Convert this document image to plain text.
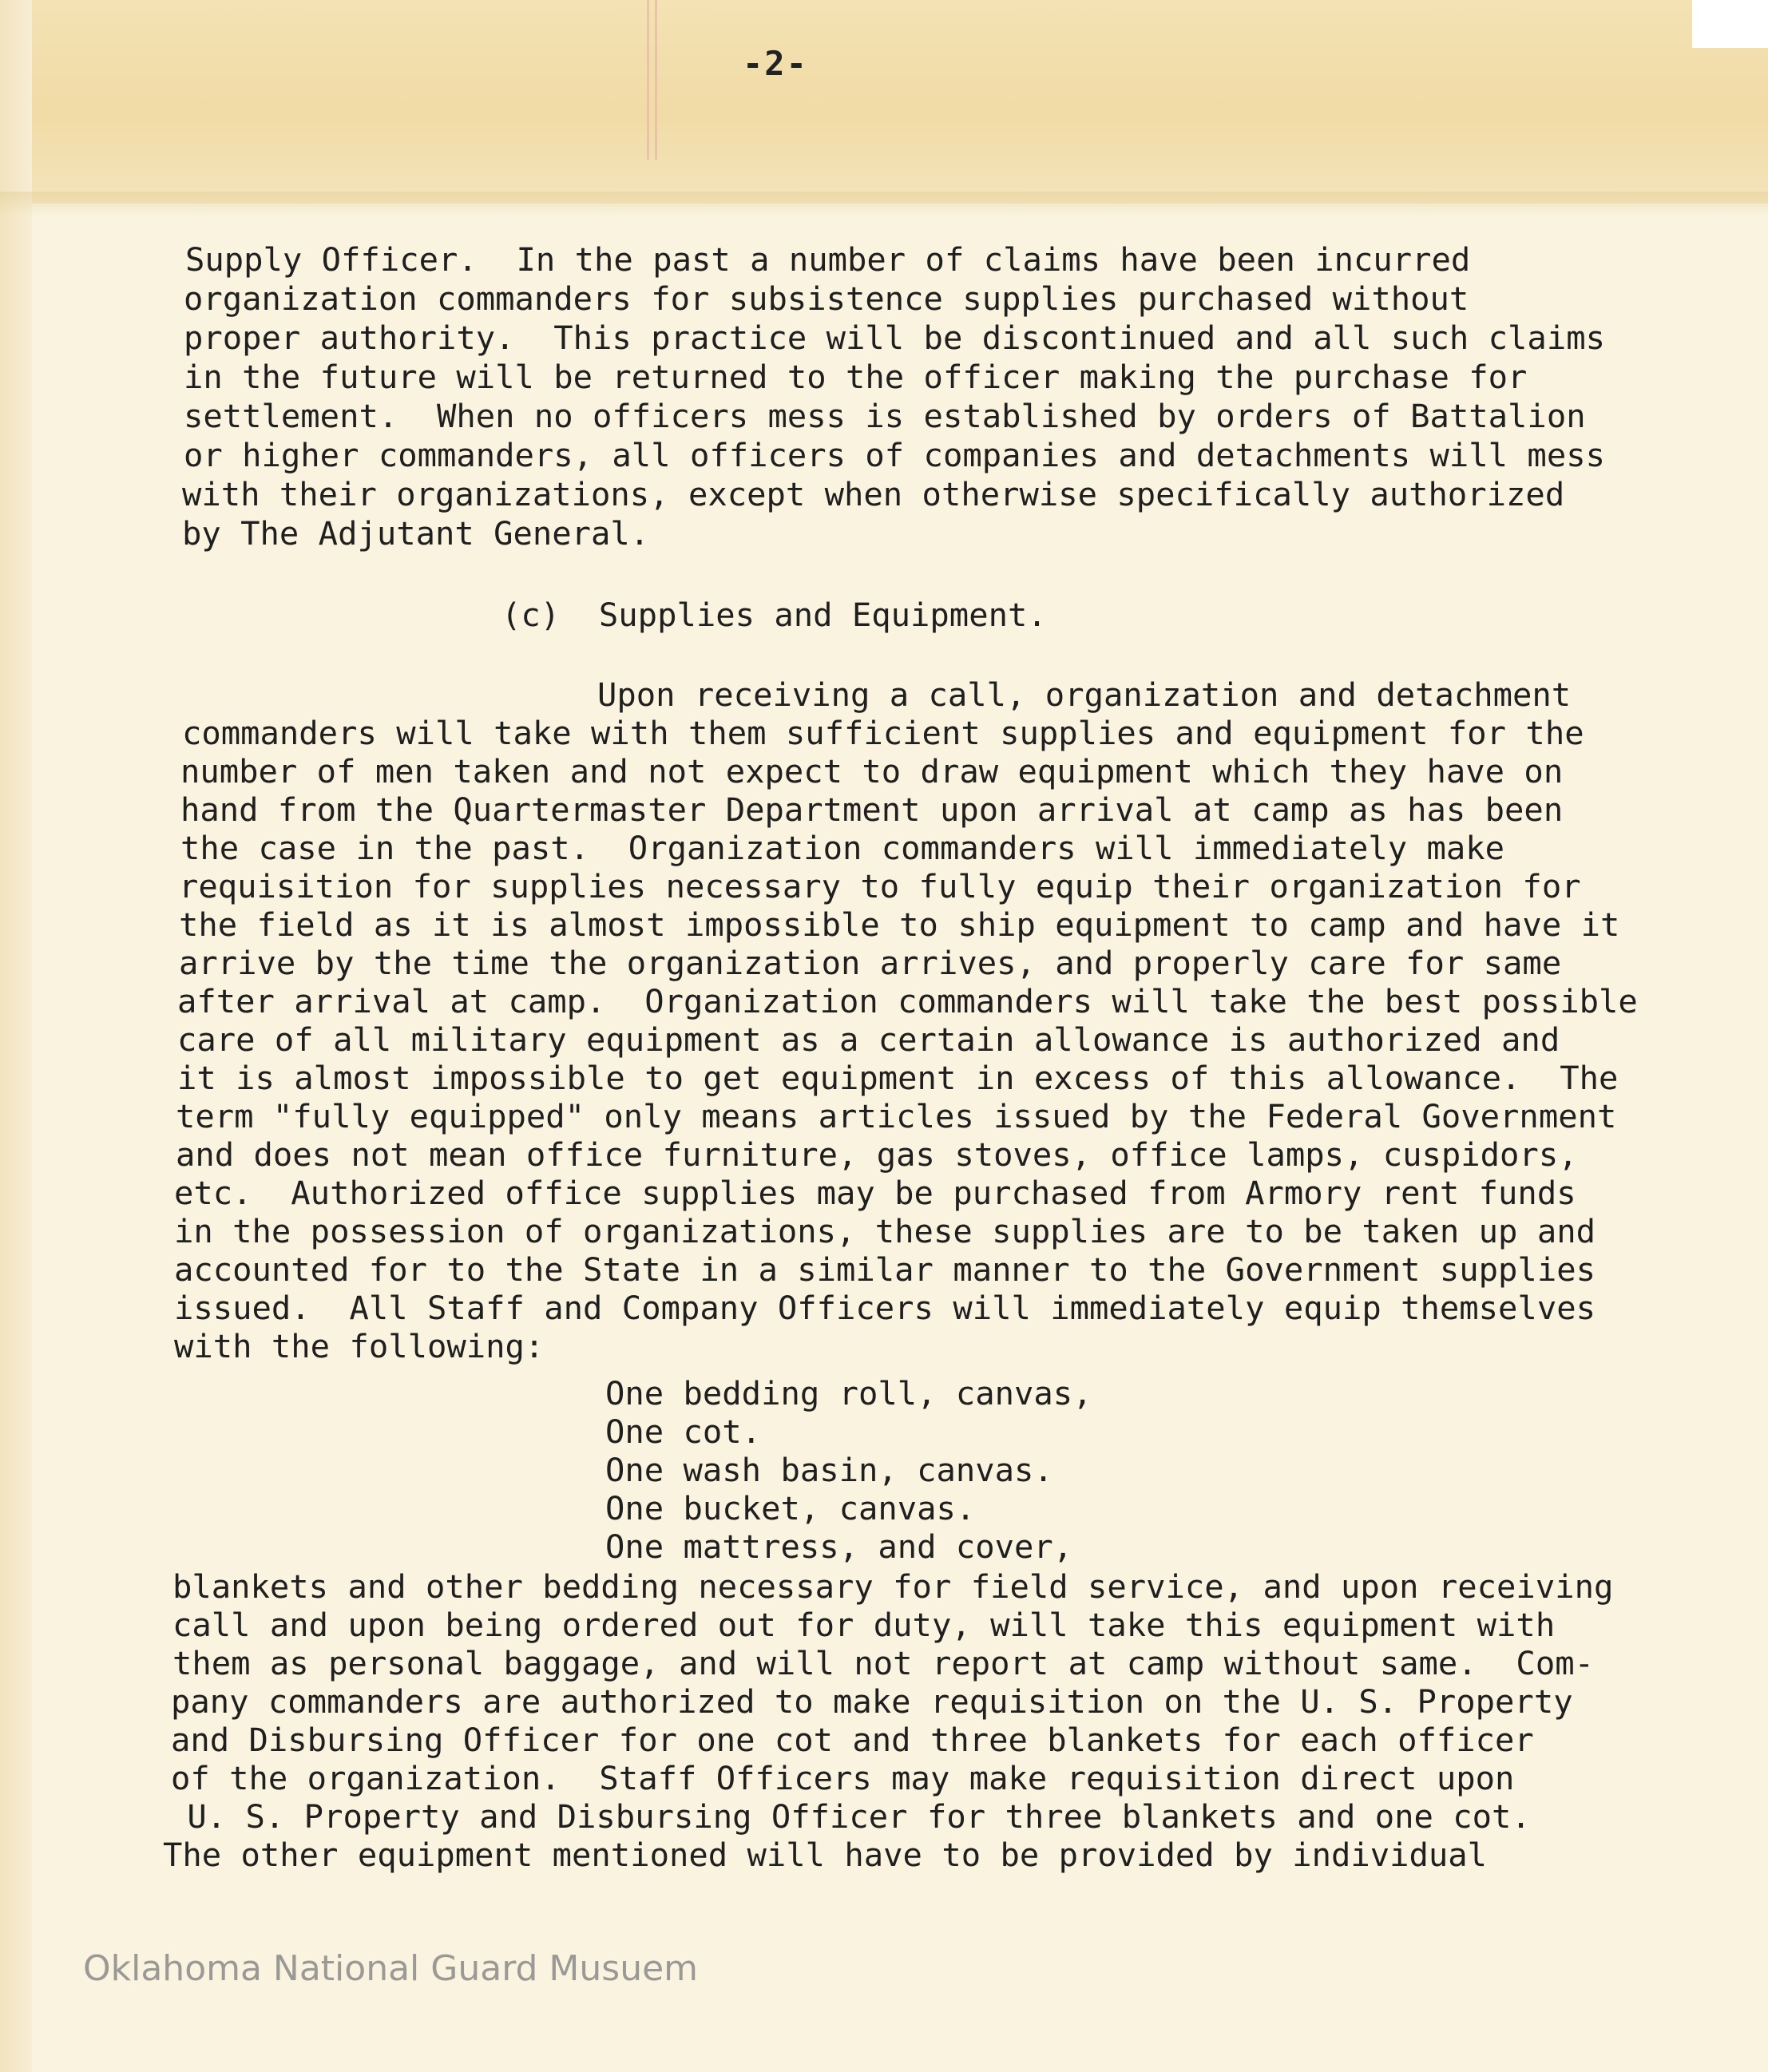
-2-
Supply Officer.  In the past a number of claims have been incurred
organization commanders for subsistence supplies purchased without
proper authority.  This practice will be discontinued and all such claims
in the future will be returned to the officer making the purchase for
settlement.  When no officers mess is established by orders of Battalion
or higher commanders, all officers of companies and detachments will mess
with their organizations, except when otherwise specifically authorized
by The Adjutant General.
(c)  Supplies and Equipment.
Upon receiving a call, organization and detachment
commanders will take with them sufficient supplies and equipment for the
number of men taken and not expect to draw equipment which they have on
hand from the Quartermaster Department upon arrival at camp as has been
the case in the past.  Organization commanders will immediately make
requisition for supplies necessary to fully equip their organization for
the field as it is almost impossible to ship equipment to camp and have it
arrive by the time the organization arrives, and properly care for same
after arrival at camp.  Organization commanders will take the best possible
care of all military equipment as a certain allowance is authorized and
it is almost impossible to get equipment in excess of this allowance.  The
term "fully equipped" only means articles issued by the Federal Government
and does not mean office furniture, gas stoves, office lamps, cuspidors,
etc.  Authorized office supplies may be purchased from Armory rent funds
in the possession of organizations, these supplies are to be taken up and
accounted for to the State in a similar manner to the Government supplies
issued.  All Staff and Company Officers will immediately equip themselves
with the following:
One bedding roll, canvas,
One cot.
One wash basin, canvas.
One bucket, canvas.
One mattress, and cover,
blankets and other bedding necessary for field service, and upon receiving
call and upon being ordered out for duty, will take this equipment with
them as personal baggage, and will not report at camp without same.  Com-
pany commanders are authorized to make requisition on the U. S. Property
and Disbursing Officer for one cot and three blankets for each officer
of the organization.  Staff Officers may make requisition direct upon
U. S. Property and Disbursing Officer for three blankets and one cot.
The other equipment mentioned will have to be provided by individual
Oklahoma National Guard Musuem
